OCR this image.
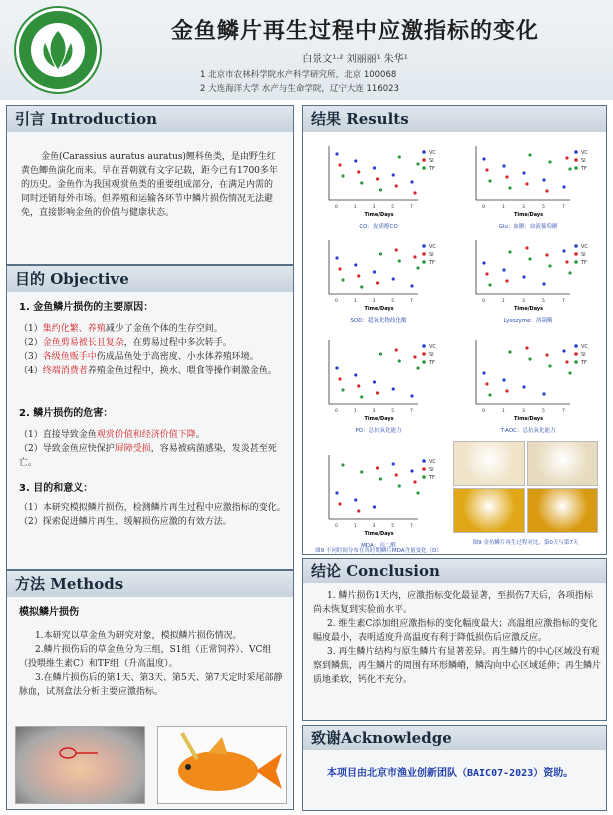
金鱼鳞片再生过程中应激指标的变化
白景文¹·² 刘丽丽¹ 朱华¹
1 北京市农林科学院水产科学研究所，北京 100068
2 大连海洋大学 水产与生命学院，辽宁大连 116023
引言 Introduction
金鱼(Carassius auratus auratus)鲤科鱼类，是由野生红黄色鲫鱼演化而来。早在晋朝就有文字记载，距今已有1700多年的历史。金鱼作为我国观赏鱼类的重要组成部分，在满足内需的同时还销每外市场。但养殖和运输各环节中鳞片损伤情况无法避免，直接影响金鱼的价值与健康状态。
目的 Objective
1. 金鱼鳞片损伤的主要原因：
（1）集约化繁、养殖减少了金鱼个体的生存空间。
（2）金鱼剪易被长且复杂，在剪易过程中多次转手。
（3）各级鱼贩手中伤成品鱼处于高密度、小水体养殖环境。
（4）终端消费者养殖金鱼过程中，换水、喂食等操作刺激金鱼。
2. 鳞片损伤的危害：
（1）直接导致金鱼观赏价值和经济价值下降。
（2）导致金鱼应快保护屏障受损，容易被病菌感染，发炎甚至死亡。
3. 目的和意义：
（1）本研究模拟鳞片损伤，检测鳞片再生过程中应激指标的变化。
（2）探索促进鳞片再生、缓解损伤应激的有效方法。
方法 Methods
模拟鳞片损伤
1.本研究以草金鱼为研究对象，模拟鳞片损伤情况。
2.鳞片损伤后的草金鱼分为三组，S1组（正常饲养）、VC组（投喂维生素C）和TF组（升高温度）。
3.在鳞片损伤后的第1天、第3天、第5天、第7天定时采尾部静脉血，试剂盒法分析主要应激指标。
结果 Results
VC
SI
TF
0	1	3	5	7
Time/Days
CO：皮质醇CO
VC
SI
TF
0	1	3	5	7
Time/Days
Glu：血糖：血液葡萄糖
VC
SI
TF
0	1	3	5	7
Time/Days
SOD：超氧化物歧化酶
VC
SI
TF
0	1	3	5	7
Time/Days
Lysozyme：溶菌酶
VC
SI
TF
0	1	3	5	7
Time/Days
PO：总抗氧化能力
VC
SI
TF
0	1	3	5	7
Time/Days
T-AOC：总抗氧化能力
VC
SI
TF
0	1	3	5	7
Time/Days
MDA：丙二醛
图9 不同时间分布在各时期鳞片MDA含量变化（D）
图9 金鱼鳞片再生过程对比，第0天与第7天
结论 Conclusion
1. 鳞片损伤1天内，应激指标变化最显著，至损伤7天后，各项指标尚未恢复到实验前水平。
2. 维生素C添加组应激指标的变化幅度最大；高温组应激指标的变化幅度最小，表明适度升高温度有利于降低损伤后应激反应。
3. 再生鳞片结构与原生鳞片有显著差异。再生鳞片的中心区域没有观察到鳞焦，再生鳞片的周围有环形鳞嵴，鳞沟向中心区域延伸；再生鳞片质地柔软，钙化不充分。
致谢Acknowledge
本项目由北京市渔业创新团队（BAIC07-2023）资助。
